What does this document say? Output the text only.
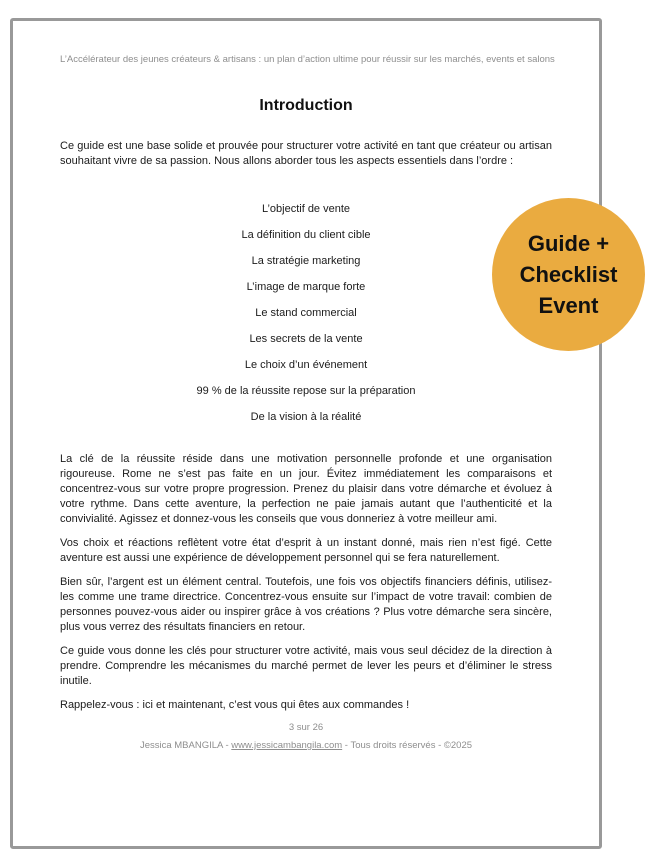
L’Accélérateur des jeunes créateurs & artisans : un plan d’action ultime pour réussir sur les marchés, events et salons
Introduction

Ce guide est une base solide et prouvée pour structurer votre activité en tant que créateur ou artisan souhaitant vivre de sa passion. Nous allons aborder tous les aspects essentiels dans l’ordre :

L’objectif de vente
La définition du client cible
La stratégie marketing
L’image de marque forte
Le stand commercial
Les secrets de la vente
Le choix d’un événement
99 % de la réussite repose sur la préparation
De la vision à la réalité
La clé de la réussite réside dans une motivation personnelle profonde et une organisation rigoureuse. Rome ne s’est pas faite en un jour. Évitez immédiatement les comparaisons et concentrez-vous sur votre propre progression. Prenez du plaisir dans votre démarche et évoluez à votre rythme. Dans cette aventure, la perfection ne paie jamais autant que l’authenticité et la convivialité. Agissez et donnez-vous les conseils que vous donneriez à votre meilleur ami.
Vos choix et réactions reflètent votre état d’esprit à un instant donné, mais rien n’est figé. Cette aventure est aussi une expérience de développement personnel qui se fera naturellement.
Bien sûr, l’argent est un élément central. Toutefois, une fois vos objectifs financiers définis, utilisez-les comme une trame directrice. Concentrez-vous ensuite sur l’impact de votre travail: combien de personnes pouvez-vous aider ou inspirer grâce à vos créations ? Plus votre démarche sera sincère, plus vous verrez des résultats financiers en retour.
Ce guide vous donne les clés pour structurer votre activité, mais vous seul décidez de la direction à prendre. Comprendre les mécanismes du marché permet de lever les peurs et d’éliminer le stress inutile.
Rappelez-vous : ici et maintenant, c’est vous qui êtes aux commandes !
3 sur 26
Jessica MBANGILA - www.jessicambangila.com - Tous droits réservés - ©2025
Guide +
Checklist
Event
